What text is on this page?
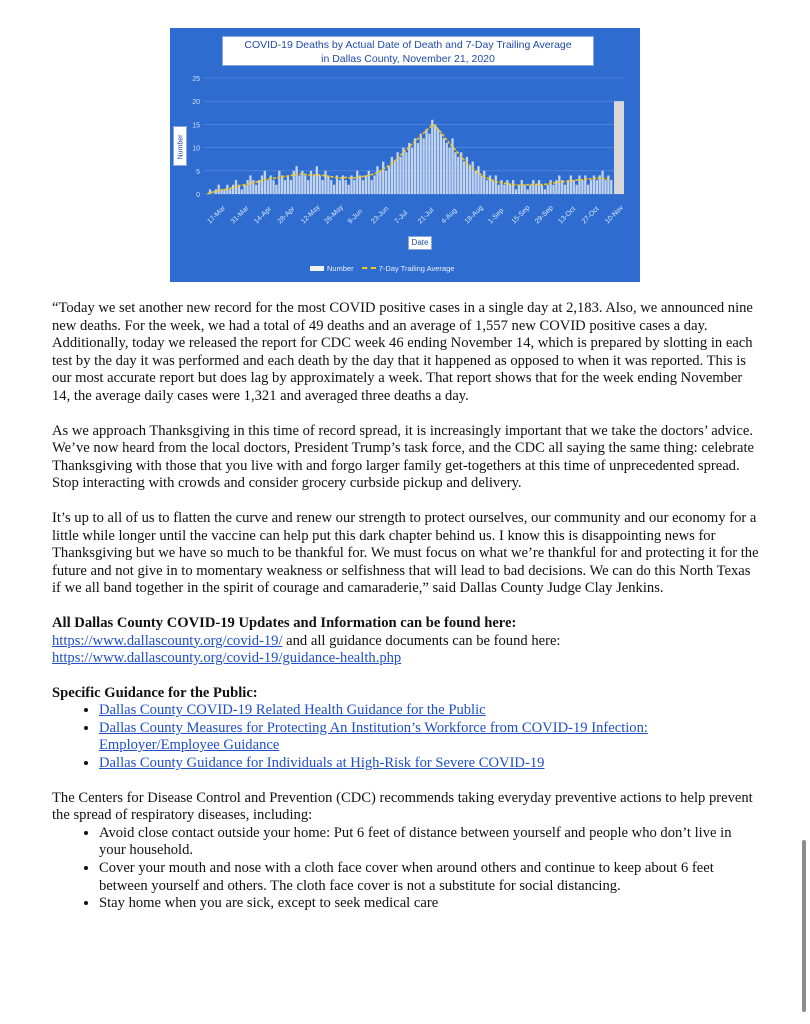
0
5
10
15
20
25
17-Mar 31-Mar 14-Apr 28-Apr 12-May 26-May 9-Jun 23-Jun 7-Jul 21-Jul 4-Aug 18-Aug 1-Sep 15-Sep 29-Sep 13-Oct 27-Oct 10-Nov
COVID-19 Deaths by Actual Date of Death and 7-Day Trailing Average
in Dallas County, November 21, 2020
Number
Date
Number	7-Day Trailing Average

“Today we set another new record for the most COVID positive cases in a single day at 2,183. Also, we announced nine new deaths. For the week, we had a total of 49 deaths and an average of 1,557 new COVID positive cases a day. Additionally, today we released the report for CDC week 46 ending November 14, which is prepared by slotting in each test by the day it was performed and each death by the day that it happened as opposed to when it was reported. This is our most accurate report but does lag by approximately a week. That report shows that for the week ending November 14, the average daily cases were 1,321 and averaged three deaths a day.

As we approach Thanksgiving in this time of record spread, it is increasingly important that we take the doctors’ advice. We’ve now heard from the local doctors, President Trump’s task force, and the CDC all saying the same thing: celebrate Thanksgiving with those that you live with and forgo larger family get-togethers at this time of unprecedented spread. Stop interacting with crowds and consider grocery curbside pickup and delivery.

It’s up to all of us to flatten the curve and renew our strength to protect ourselves, our community and our economy for a little while longer until the vaccine can help put this dark chapter behind us. I know this is disappointing news for Thanksgiving but we have so much to be thankful for. We must focus on what we’re thankful for and protecting it for the future and not give in to momentary weakness or selfishness that will lead to bad decisions. We can do this North Texas if we all band together in the spirit of courage and camaraderie,” said Dallas County Judge Clay Jenkins.

All Dallas County COVID-19 Updates and Information can be found here:

https://www.dallascounty.org/covid-19/ and all guidance documents can be found here:

https://www.dallascounty.org/covid-19/guidance-health.php

Specific Guidance for the Public:

• Dallas County COVID-19 Related Health Guidance for the Public
• Dallas County Measures for Protecting An Institution’s Workforce from COVID-19 Infection: Employer/Employee Guidance
• Dallas County Guidance for Individuals at High-Risk for Severe COVID-19

The Centers for Disease Control and Prevention (CDC) recommends taking everyday preventive actions to help prevent the spread of respiratory diseases, including:

• Avoid close contact outside your home: Put 6 feet of distance between yourself and people who don’t live in your household.
• Cover your mouth and nose with a cloth face cover when around others and continue to keep about 6 feet between yourself and others. The cloth face cover is not a substitute for social distancing.
• Stay home when you are sick, except to seek medical care
